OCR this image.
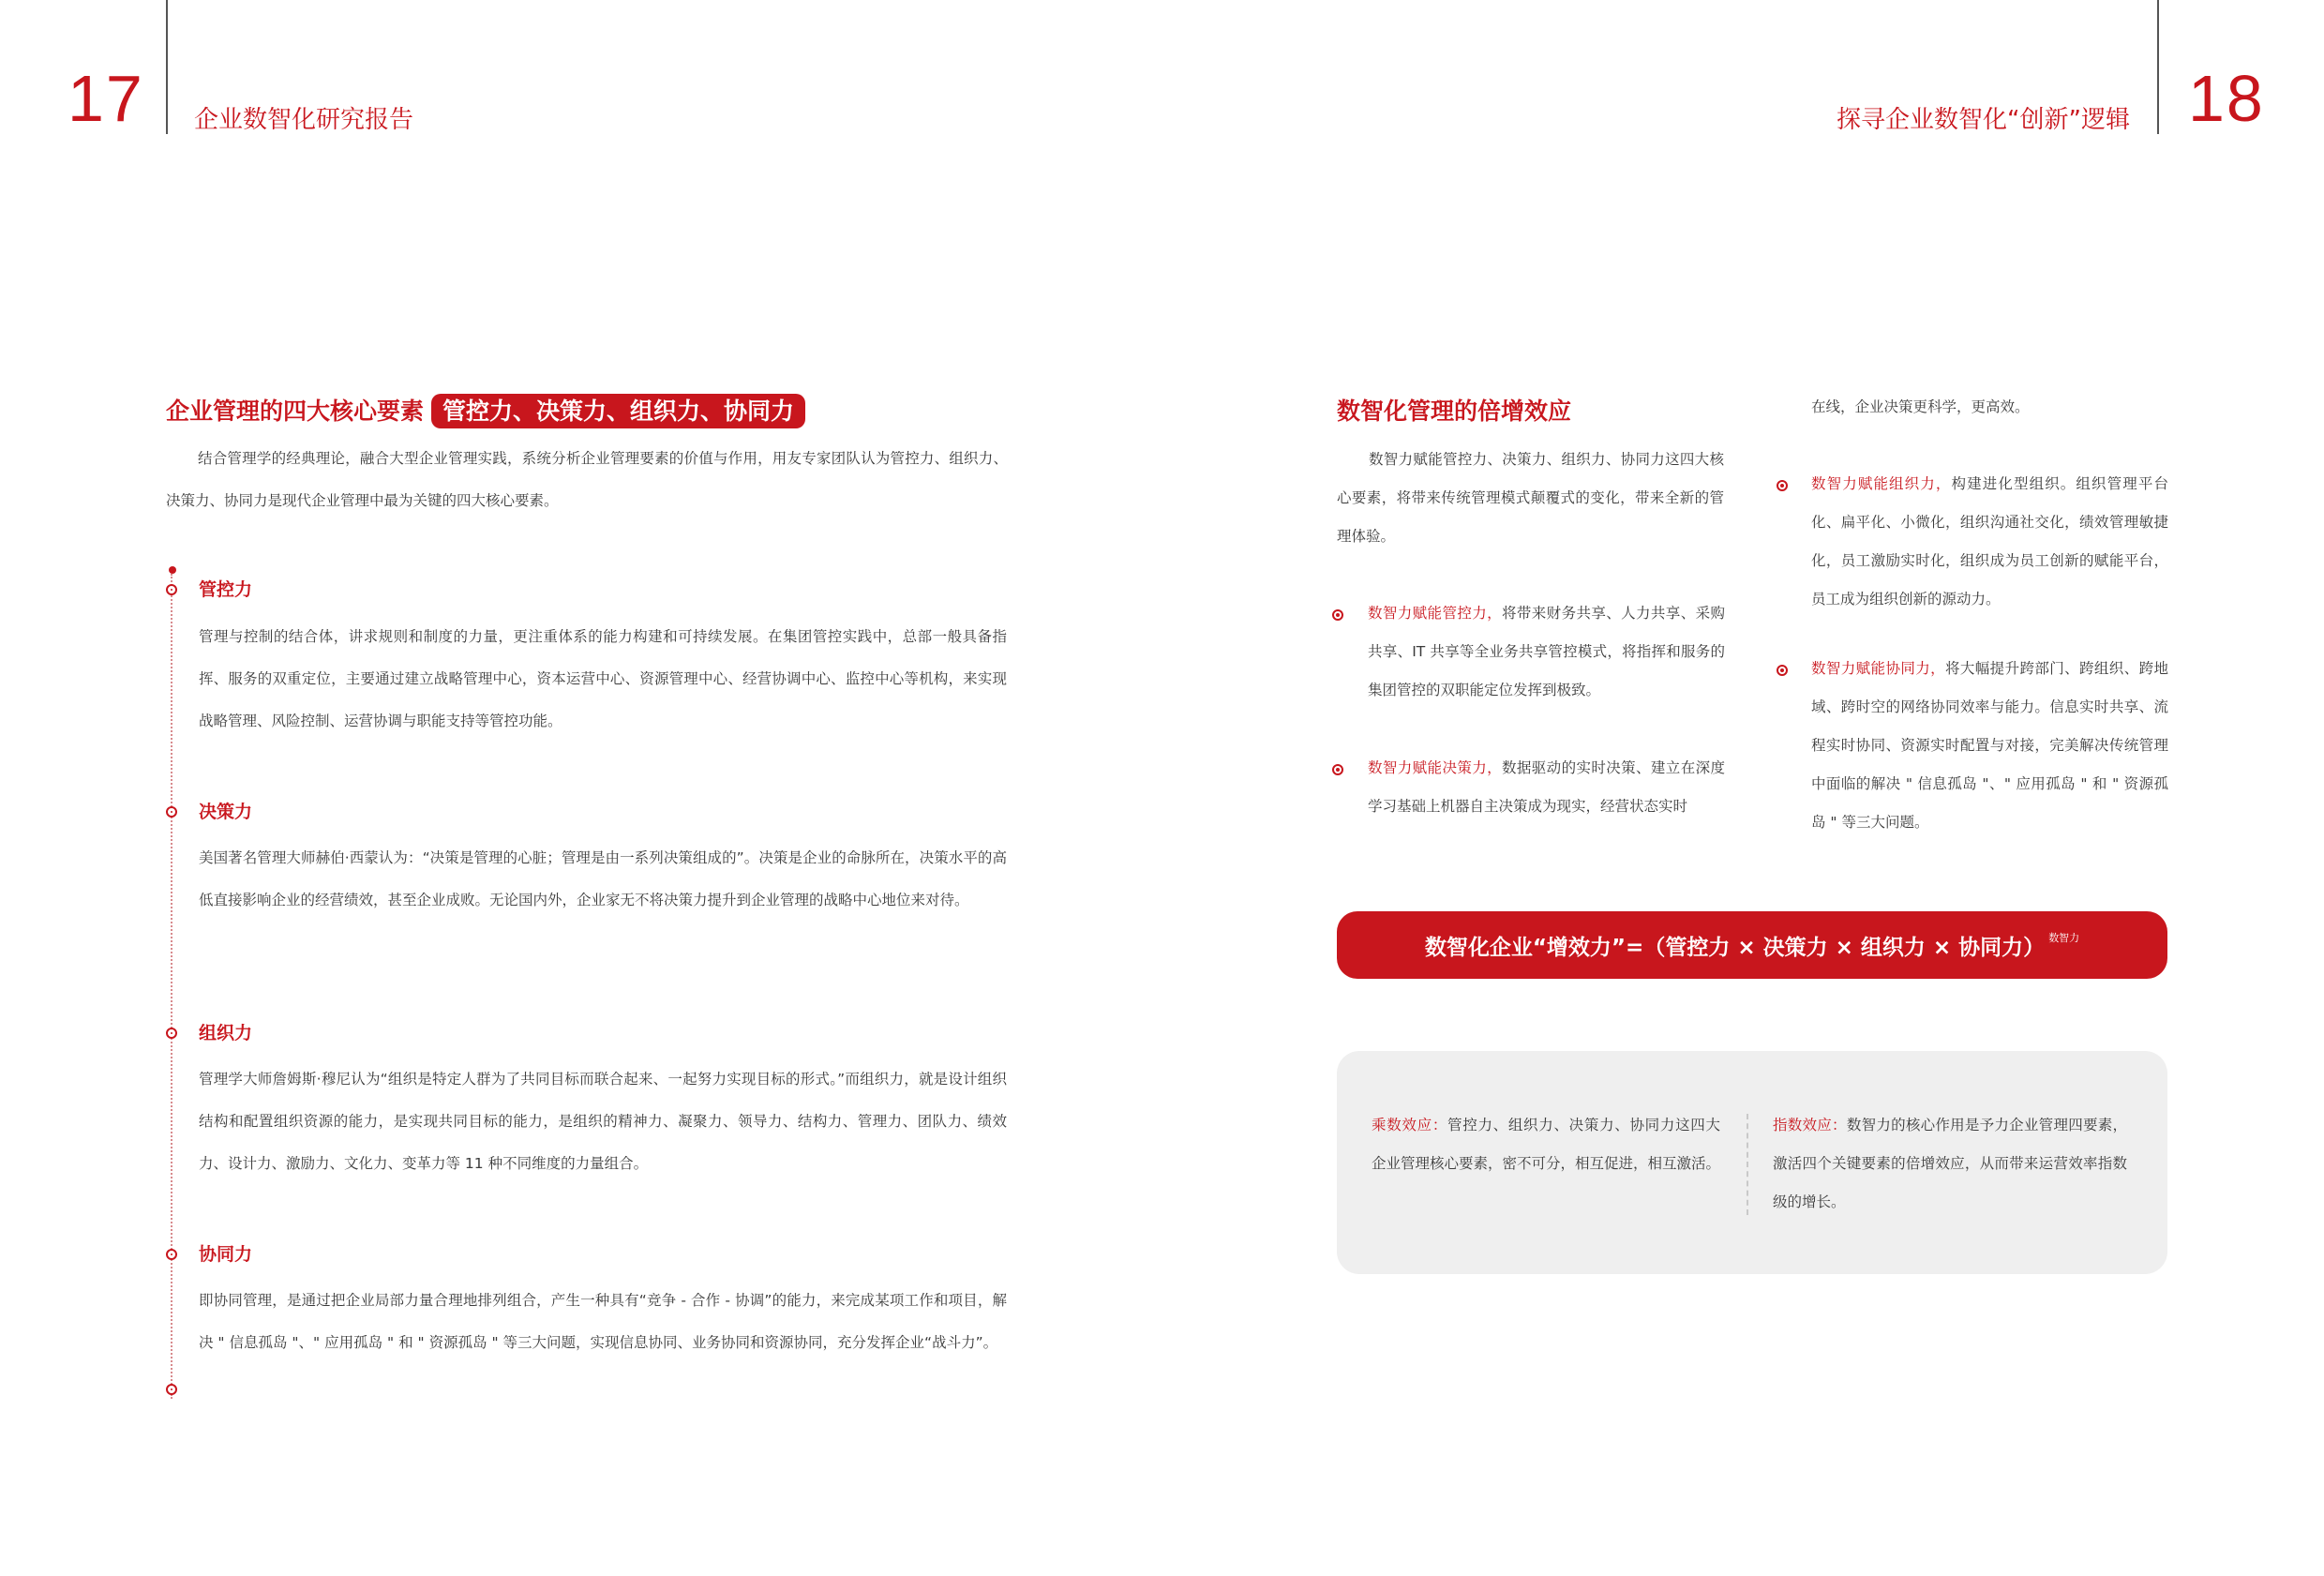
17 企业数智化研究报告	探寻企业数智化“创新”逻辑 18
企业管理的四大核心要素 管控力、决策力、组织力、协同力
结合管理学的经典理论，融合大型企业管理实践，系统分析企业管理要素的价值与作用，用友专家团队认为管控力、组织力、决策力、协同力是现代企业管理中最为关键的四大核心要素。
管控力
管理与控制的结合体，讲求规则和制度的力量，更注重体系的能力构建和可持续发展。在集团管控实践中，总部一般具备指挥、服务的双重定位，主要通过建立战略管理中心，资本运营中心、资源管理中心、经营协调中心、监控中心等机构，来实现战略管理、风险控制、运营协调与职能支持等管控功能。
决策力
美国著名管理大师赫伯·西蒙认为：“决策是管理的心脏；管理是由一系列决策组成的”。决策是企业的命脉所在，决策水平的高低直接影响企业的经营绩效，甚至企业成败。无论国内外，企业家无不将决策力提升到企业管理的战略中心地位来对待。
组织力
管理学大师詹姆斯·穆尼认为“组织是特定人群为了共同目标而联合起来、一起努力实现目标的形式。”而组织力，就是设计组织结构和配置组织资源的能力，是实现共同目标的能力，是组织的精神力、凝聚力、领导力、结构力、管理力、团队力、绩效力、设计力、激励力、文化力、变革力等 11 种不同维度的力量组合。
协同力
即协同管理，是通过把企业局部力量合理地排列组合，产生一种具有“竞争 - 合作 - 协调”的能力，来完成某项工作和项目，解决 " 信息孤岛 "、" 应用孤岛 " 和 " 资源孤岛 " 等三大问题，实现信息协同、业务协同和资源协同，充分发挥企业“战斗力”。
数智化管理的倍增效应
数智力赋能管控力、决策力、组织力、协同力这四大核心要素，将带来传统管理模式颠覆式的变化，带来全新的管理体验。
数智力赋能管控力，将带来财务共享、人力共享、采购共享、IT 共享等全业务共享管控模式，将指挥和服务的集团管控的双职能定位发挥到极致。
数智力赋能决策力，数据驱动的实时决策、建立在深度学习基础上机器自主决策成为现实，经营状态实时
在线，企业决策更科学，更高效。
数智力赋能组织力，构建进化型组织。组织管理平台化、扁平化、小微化，组织沟通社交化，绩效管理敏捷化，员工激励实时化，组织成为员工创新的赋能平台，员工成为组织创新的源动力。
数智力赋能协同力，将大幅提升跨部门、跨组织、跨地域、跨时空的网络协同效率与能力。信息实时共享、流程实时协同、资源实时配置与对接，完美解决传统管理中面临的解决 " 信息孤岛 "、" 应用孤岛 " 和 " 资源孤岛 " 等三大问题。
数智化企业“增效力”=（管控力 × 决策力 × 组织力 × 协同力） $^{数智力}$
乘数效应：管控力、组织力、决策力、协同力这四大企业管理核心要素，密不可分，相互促进，相互激活。
指数效应：数智力的核心作用是予力企业管理四要素，激活四个关键要素的倍增效应，从而带来运营效率指数级的增长。
